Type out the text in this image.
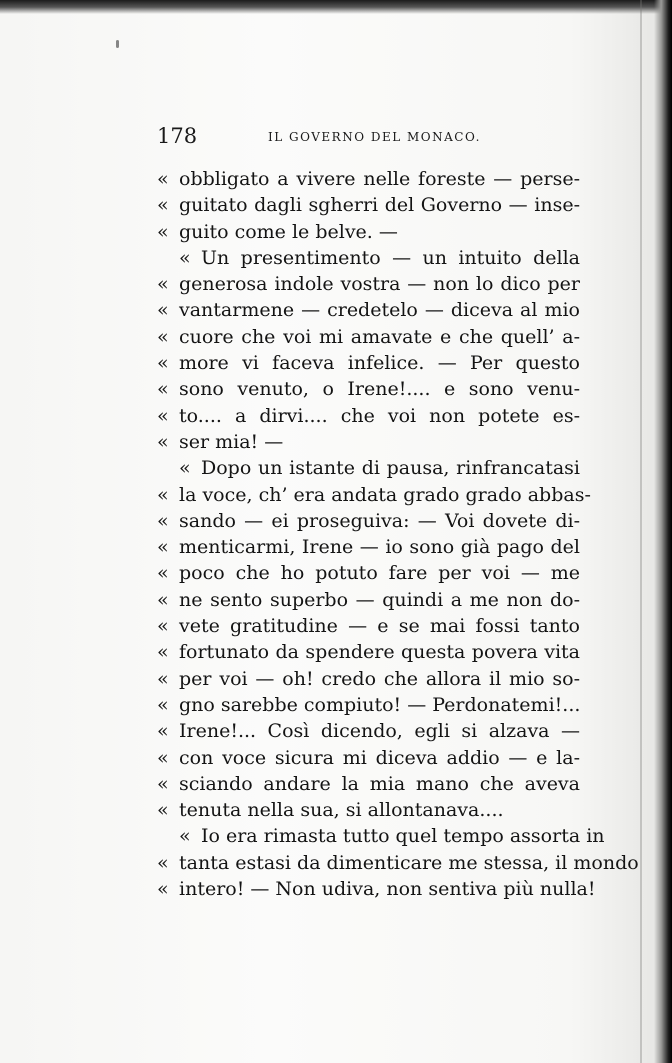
178	IL GOVERNO DEL MONACO.
« obbligato a vivere nelle foreste — perse-
« guitato dagli sgherri del Governo — inse-
« guito come le belve. —
« Un presentimento — un intuito della
« generosa indole vostra — non lo dico per
« vantarmene — credetelo — diceva al mio
« cuore che voi mi amavate e che quell’ a-
« more vi faceva infelice. — Per questo
« sono venuto, o Irene!.... e sono venu-
« to.... a dirvi.... che voi non potete es-
« ser mia! —
« Dopo un istante di pausa, rinfrancatasi
« la voce, ch’ era andata grado grado abbas-
« sando — ei proseguiva: — Voi dovete di-
« menticarmi, Irene — io sono già pago del
« poco che ho potuto fare per voi — me
« ne sento superbo — quindi a me non do-
« vete gratitudine — e se mai fossi tanto
« fortunato da spendere questa povera vita
« per voi — oh! credo che allora il mio so-
« gno sarebbe compiuto! — Perdonatemi!...
« Irene!... Così dicendo, egli si alzava —
« con voce sicura mi diceva addio — e la-
« sciando andare la mia mano che aveva
« tenuta nella sua, si allontanava....
« Io era rimasta tutto quel tempo assorta in
« tanta estasi da dimenticare me stessa, il mondo
« intero! — Non udiva, non sentiva più nulla!
